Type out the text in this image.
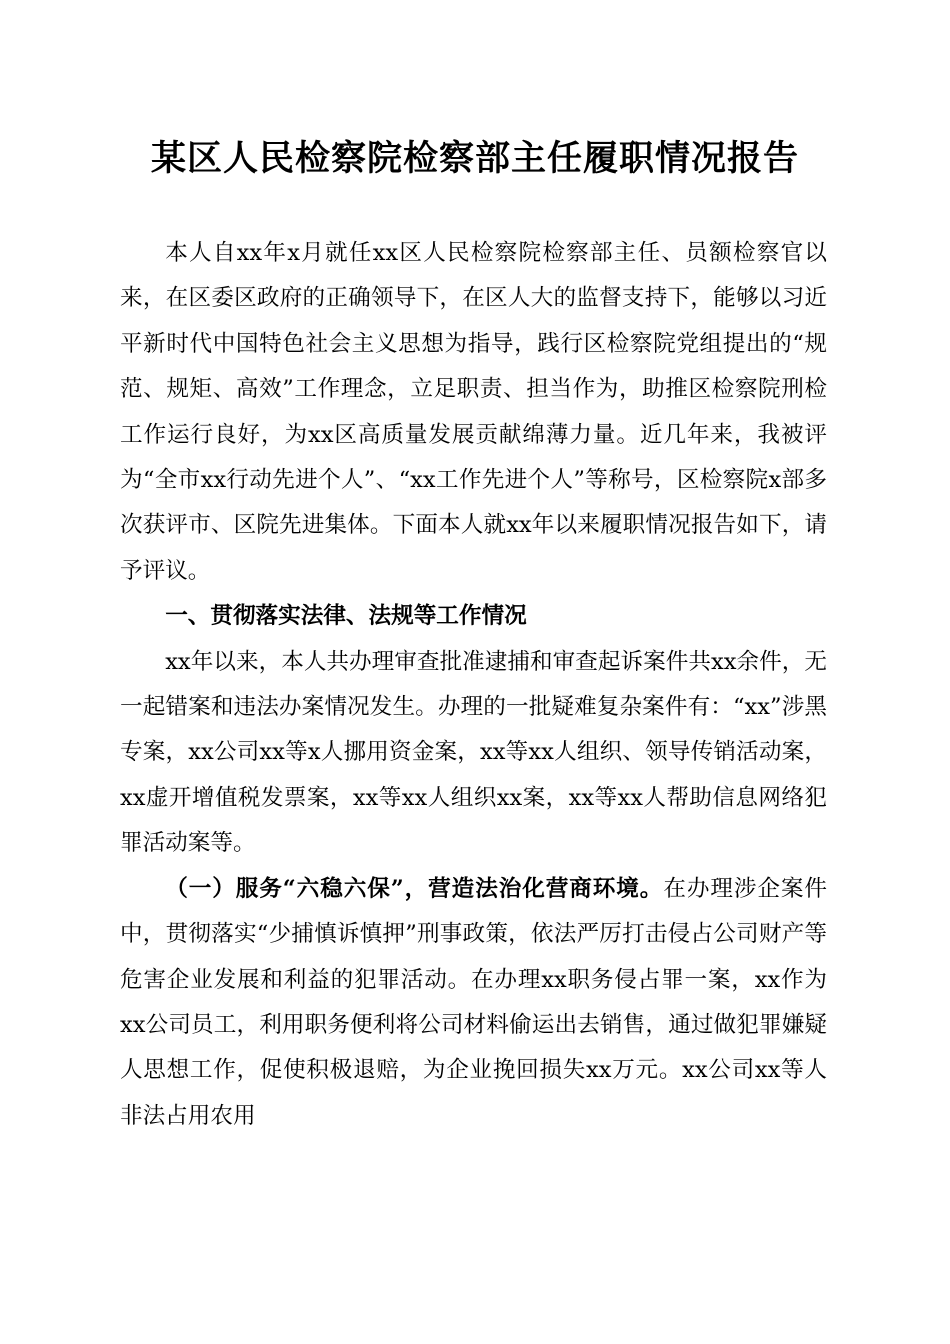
某区人民检察院检察部主任履职情况报告

本人自xx年x月就任xx区人民检察院检察部主任、员额检察官以来，在区委区政府的正确领导下，在区人大的监督支持下，能够以习近平新时代中国特色社会主义思想为指导，践行区检察院党组提出的“规范、规矩、高效”工作理念，立足职责、担当作为，助推区检察院刑检工作运行良好，为xx区高质量发展贡献绵薄力量。近几年来，我被评为“全市xx行动先进个人”、“xx工作先进个人”等称号，区检察院x部多次获评市、区院先进集体。下面本人就xx年以来履职情况报告如下，请予评议。

一、贯彻落实法律、法规等工作情况

xx年以来，本人共办理审查批准逮捕和审查起诉案件共xx余件，无一起错案和违法办案情况发生。办理的一批疑难复杂案件有：“xx”涉黑专案，xx公司xx等x人挪用资金案，xx等xx人组织、领导传销活动案，xx虚开增值税发票案，xx等xx人组织xx案，xx等xx人帮助信息网络犯罪活动案等。

（一）服务“六稳六保”，营造法治化营商环境。在办理涉企案件中，贯彻落实“少捕慎诉慎押”刑事政策，依法严厉打击侵占公司财产等危害企业发展和利益的犯罪活动。在办理xx职务侵占罪一案，xx作为xx公司员工，利用职务便利将公司材料偷运出去销售，通过做犯罪嫌疑人思想工作，促使积极退赔，为企业挽回损失xx万元。xx公司xx等人非法占用农用
